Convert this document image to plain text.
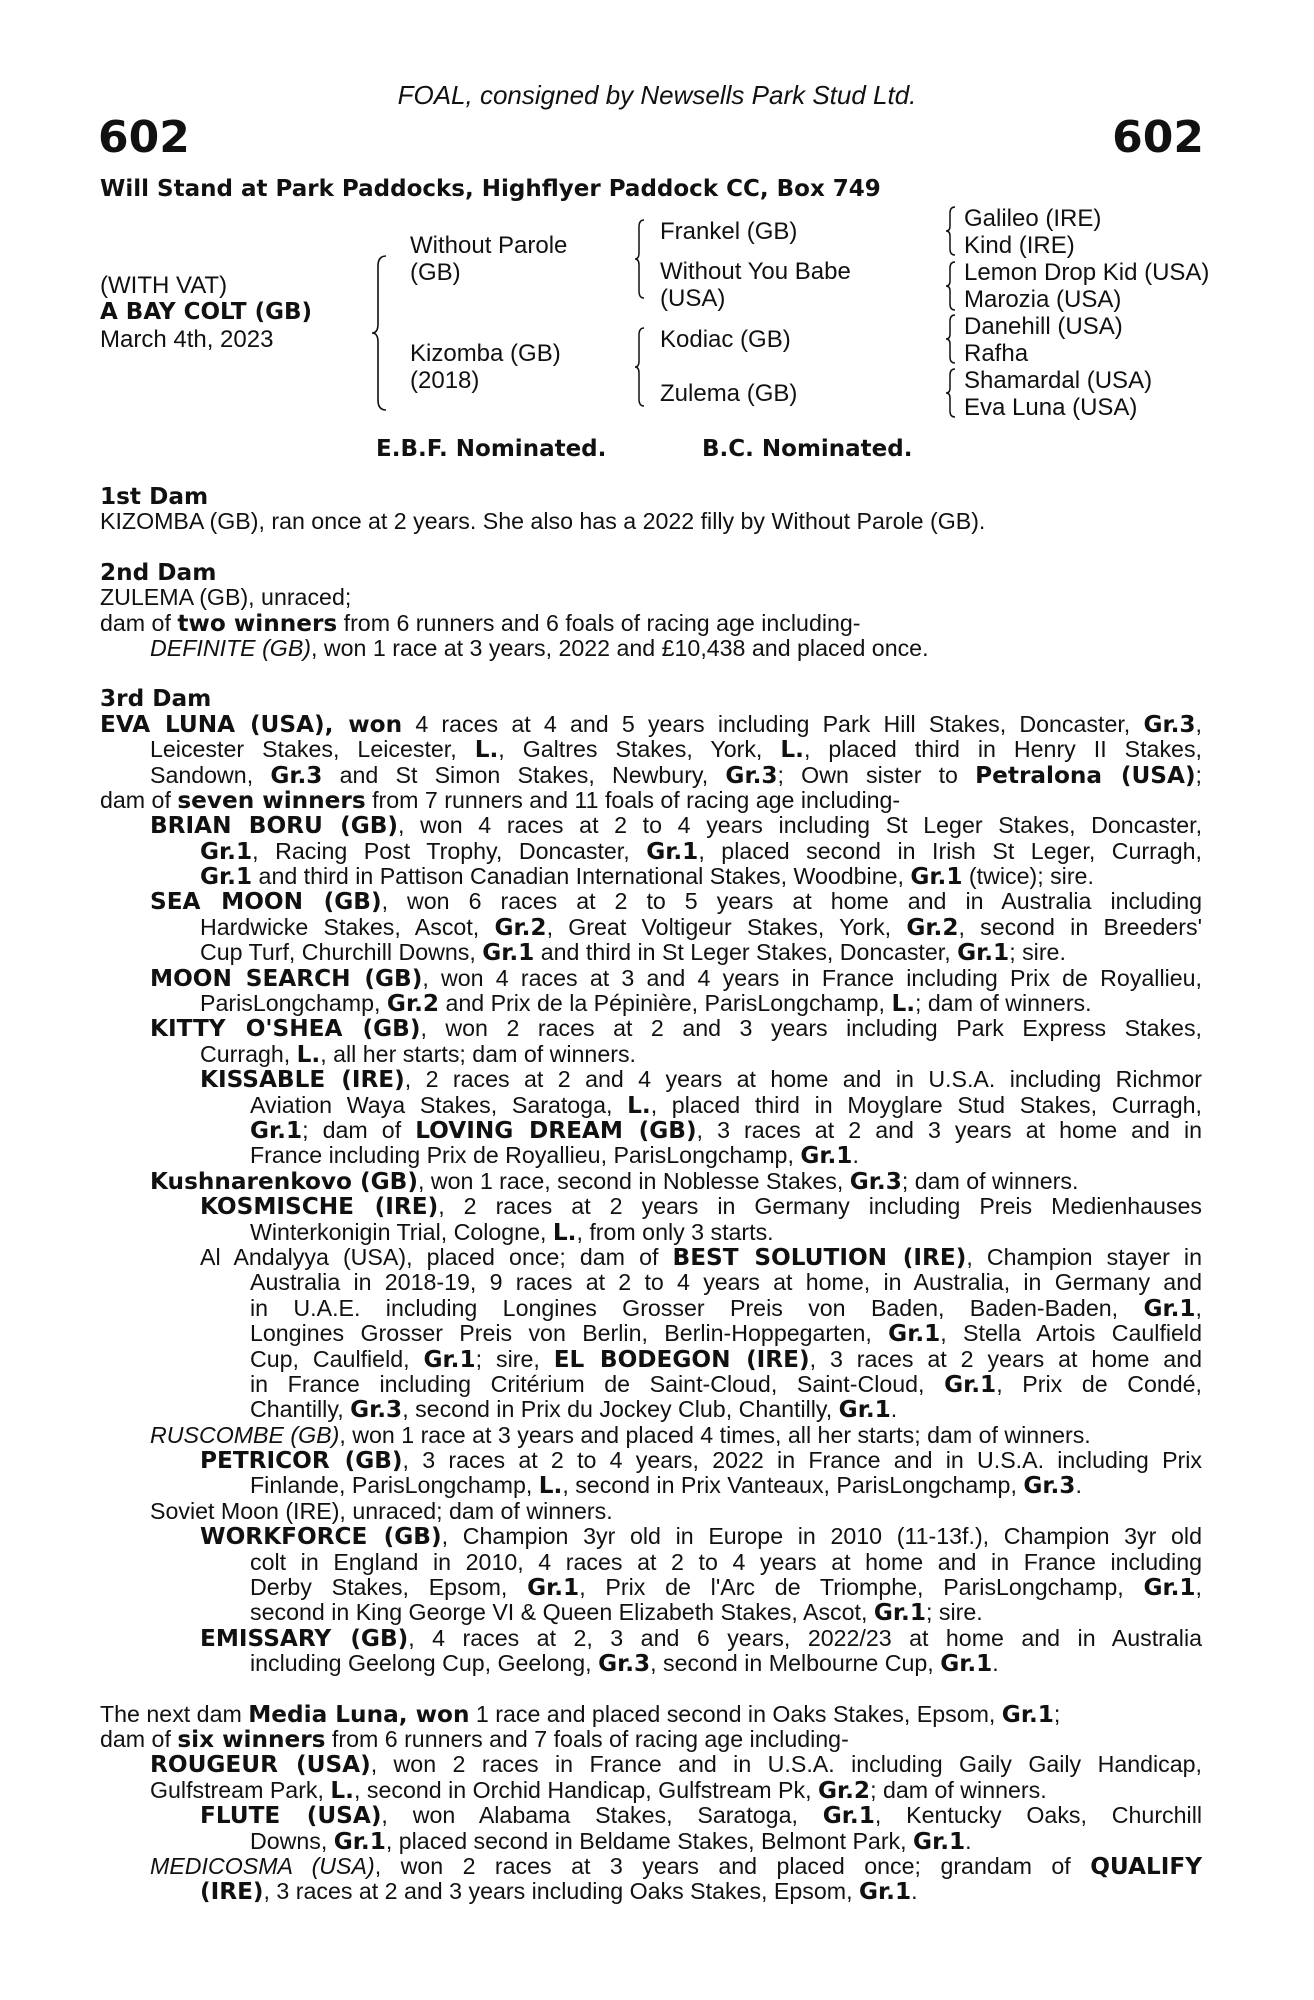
FOAL, consigned by Newsells Park Stud Ltd.
602	602
Will Stand at Park Paddocks, Highflyer Paddock CC, Box 749
(WITH VAT)
A BAY COLT (GB)
March 4th, 2023
Without Parole
(GB)
Kizomba (GB)
(2018)
Frankel (GB)
Without You Babe
(USA)
Kodiac (GB)
Zulema (GB)
Galileo (IRE)
Kind (IRE)
Lemon Drop Kid (USA)
Marozia (USA)
Danehill (USA)
Rafha
Shamardal (USA)
Eva Luna (USA)
E.B.F. Nominated.	B.C. Nominated.
1st Dam
KIZOMBA (GB), ran once at 2 years. She also has a 2022 filly by Without Parole (GB).
2nd Dam
ZULEMA (GB), unraced;
dam of two winners from 6 runners and 6 foals of racing age including-
DEFINITE (GB), won 1 race at 3 years, 2022 and £10,438 and placed once.
3rd Dam
EVA LUNA (USA), won 4 races at 4 and 5 years including Park Hill Stakes, Doncaster, Gr.3,
Leicester Stakes, Leicester, L., Galtres Stakes, York, L., placed third in Henry II Stakes,
Sandown, Gr.3 and St Simon Stakes, Newbury, Gr.3; Own sister to Petralona (USA);
dam of seven winners from 7 runners and 11 foals of racing age including-
BRIAN BORU (GB), won 4 races at 2 to 4 years including St Leger Stakes, Doncaster,
Gr.1, Racing Post Trophy, Doncaster, Gr.1, placed second in Irish St Leger, Curragh,
Gr.1 and third in Pattison Canadian International Stakes, Woodbine, Gr.1 (twice); sire.
SEA MOON (GB), won 6 races at 2 to 5 years at home and in Australia including
Hardwicke Stakes, Ascot, Gr.2, Great Voltigeur Stakes, York, Gr.2, second in Breeders'
Cup Turf, Churchill Downs, Gr.1 and third in St Leger Stakes, Doncaster, Gr.1; sire.
MOON SEARCH (GB), won 4 races at 3 and 4 years in France including Prix de Royallieu,
ParisLongchamp, Gr.2 and Prix de la Pépinière, ParisLongchamp, L.; dam of winners.
KITTY O'SHEA (GB), won 2 races at 2 and 3 years including Park Express Stakes,
Curragh, L., all her starts; dam of winners.
KISSABLE (IRE), 2 races at 2 and 4 years at home and in U.S.A. including Richmor
Aviation Waya Stakes, Saratoga, L., placed third in Moyglare Stud Stakes, Curragh,
Gr.1; dam of LOVING DREAM (GB), 3 races at 2 and 3 years at home and in
France including Prix de Royallieu, ParisLongchamp, Gr.1.
Kushnarenkovo (GB), won 1 race, second in Noblesse Stakes, Gr.3; dam of winners.
KOSMISCHE (IRE), 2 races at 2 years in Germany including Preis Medienhauses
Winterkonigin Trial, Cologne, L., from only 3 starts.
Al Andalyya (USA), placed once; dam of BEST SOLUTION (IRE), Champion stayer in
Australia in 2018-19, 9 races at 2 to 4 years at home, in Australia, in Germany and
in U.A.E. including Longines Grosser Preis von Baden, Baden-Baden, Gr.1,
Longines Grosser Preis von Berlin, Berlin-Hoppegarten, Gr.1, Stella Artois Caulfield
Cup, Caulfield, Gr.1; sire, EL BODEGON (IRE), 3 races at 2 years at home and
in France including Critérium de Saint-Cloud, Saint-Cloud, Gr.1, Prix de Condé,
Chantilly, Gr.3, second in Prix du Jockey Club, Chantilly, Gr.1.
RUSCOMBE (GB), won 1 race at 3 years and placed 4 times, all her starts; dam of winners.
PETRICOR (GB), 3 races at 2 to 4 years, 2022 in France and in U.S.A. including Prix
Finlande, ParisLongchamp, L., second in Prix Vanteaux, ParisLongchamp, Gr.3.
Soviet Moon (IRE), unraced; dam of winners.
WORKFORCE (GB), Champion 3yr old in Europe in 2010 (11-13f.), Champion 3yr old
colt in England in 2010, 4 races at 2 to 4 years at home and in France including
Derby Stakes, Epsom, Gr.1, Prix de l'Arc de Triomphe, ParisLongchamp, Gr.1,
second in King George VI & Queen Elizabeth Stakes, Ascot, Gr.1; sire.
EMISSARY (GB), 4 races at 2, 3 and 6 years, 2022/23 at home and in Australia
including Geelong Cup, Geelong, Gr.3, second in Melbourne Cup, Gr.1.
The next dam Media Luna, won 1 race and placed second in Oaks Stakes, Epsom, Gr.1;
dam of six winners from 6 runners and 7 foals of racing age including-
ROUGEUR (USA), won 2 races in France and in U.S.A. including Gaily Gaily Handicap,
Gulfstream Park, L., second in Orchid Handicap, Gulfstream Pk, Gr.2; dam of winners.
FLUTE (USA), won Alabama Stakes, Saratoga, Gr.1, Kentucky Oaks, Churchill
Downs, Gr.1, placed second in Beldame Stakes, Belmont Park, Gr.1.
MEDICOSMA (USA), won 2 races at 3 years and placed once; grandam of QUALIFY
(IRE), 3 races at 2 and 3 years including Oaks Stakes, Epsom, Gr.1.
